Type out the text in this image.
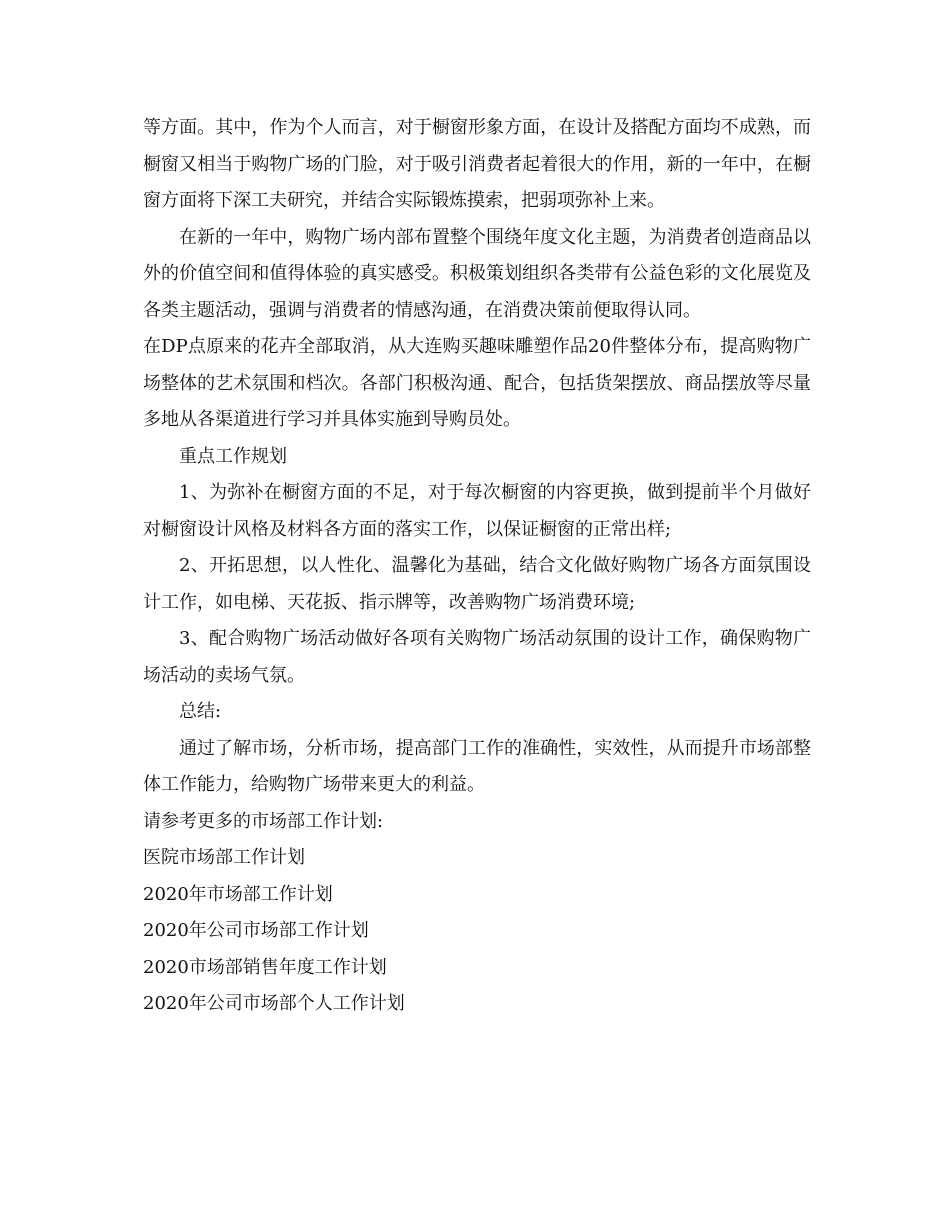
等方面。其中，作为个人而言，对于橱窗形象方面，在设计及搭配方面均不成熟，而橱窗又相当于购物广场的门脸，对于吸引消费者起着很大的作用，新的一年中，在橱窗方面将下深工夫研究，并结合实际锻炼摸索，把弱项弥补上来。

在新的一年中，购物广场内部布置整个围绕年度文化主题，为消费者创造商品以外的价值空间和值得体验的真实感受。积极策划组织各类带有公益色彩的文化展览及各类主题活动，强调与消费者的情感沟通，在消费决策前便取得认同。

在DP点原来的花卉全部取消，从大连购买趣味雕塑作品20件整体分布，提高购物广场整体的艺术氛围和档次。各部门积极沟通、配合，包括货架摆放、商品摆放等尽量多地从各渠道进行学习并具体实施到导购员处。

重点工作规划

1、为弥补在橱窗方面的不足，对于每次橱窗的内容更换，做到提前半个月做好对橱窗设计风格及材料各方面的落实工作，以保证橱窗的正常出样;

2、开拓思想，以人性化、温馨化为基础，结合文化做好购物广场各方面氛围设计工作，如电梯、天花扳、指示牌等，改善购物广场消费环境;

3、配合购物广场活动做好各项有关购物广场活动氛围的设计工作，确保购物广场活动的卖场气氛。

总结:

通过了解市场，分析市场，提高部门工作的准确性，实效性，从而提升市场部整体工作能力，给购物广场带来更大的利益。

请参考更多的市场部工作计划:

医院市场部工作计划
2020年市场部工作计划
2020年公司市场部工作计划
2020市场部销售年度工作计划
2020年公司市场部个人工作计划
